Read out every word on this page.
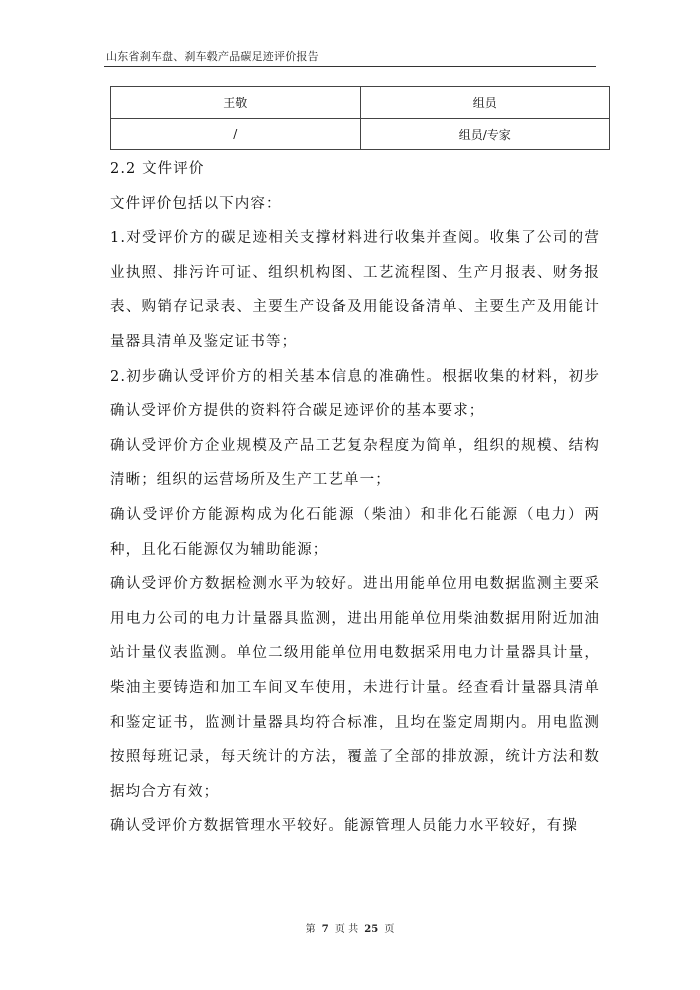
山东省刹车盘、刹车毂产品碳足迹评价报告
王敬	组员
/	组员/专家

2.2 文件评价

文件评价包括以下内容：

1.对受评价方的碳足迹相关支撑材料进行收集并查阅。收集了公司的营业执照、排污许可证、组织机构图、工艺流程图、生产月报表、财务报表、购销存记录表、主要生产设备及用能设备清单、主要生产及用能计量器具清单及鉴定证书等；

2.初步确认受评价方的相关基本信息的准确性。根据收集的材料，初步确认受评价方提供的资料符合碳足迹评价的基本要求；

确认受评价方企业规模及产品工艺复杂程度为简单，组织的规模、结构清晰；组织的运营场所及生产工艺单一；

确认受评价方能源构成为化石能源（柴油）和非化石能源（电力）两种，且化石能源仅为辅助能源；

确认受评价方数据检测水平为较好。进出用能单位用电数据监测主要采用电力公司的电力计量器具监测，进出用能单位用柴油数据用附近加油站计量仪表监测。单位二级用能单位用电数据采用电力计量器具计量，柴油主要铸造和加工车间叉车使用，未进行计量。经查看计量器具清单和鉴定证书，监测计量器具均符合标准，且均在鉴定周期内。用电监测按照每班记录，每天统计的方法，覆盖了全部的排放源，统计方法和数据均合方有效；

确认受评价方数据管理水平较好。能源管理人员能力水平较好，有操

第 7 页 共 25 页
